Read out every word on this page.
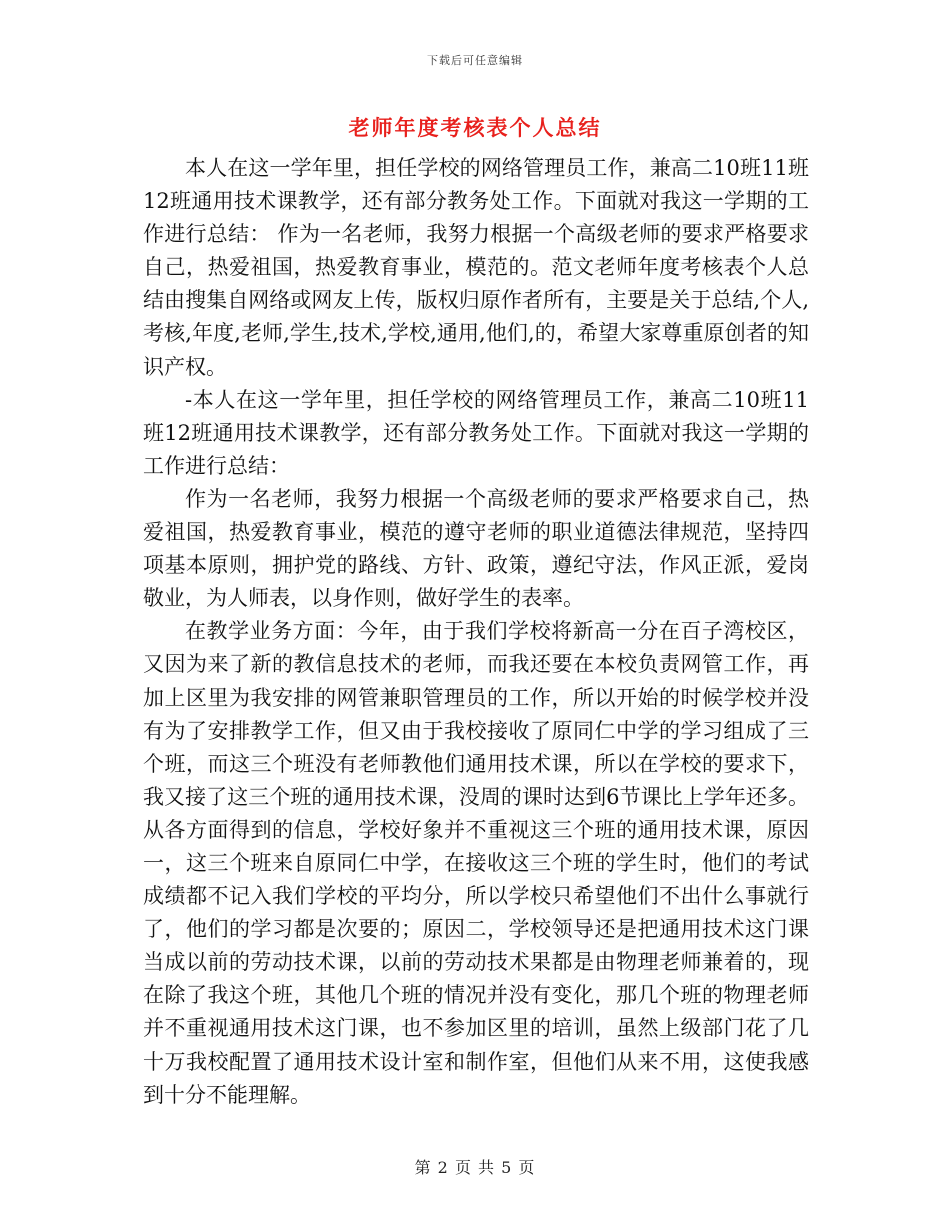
下载后可任意编辑
老师年度考核表个人总结

本人在这一学年里，担任学校的网络管理员工作，兼高二10班11班12班通用技术课教学，还有部分教务处工作。下面就对我这一学期的工作进行总结： 作为一名老师，我努力根据一个高级老师的要求严格要求自己，热爱祖国，热爱教育事业，模范的。范文老师年度考核表个人总结由搜集自网络或网友上传，版权归原作者所有，主要是关于总结,个人,考核,年度,老师,学生,技术,学校,通用,他们,的，希望大家尊重原创者的知识产权。

-本人在这一学年里，担任学校的网络管理员工作，兼高二10班11班12班通用技术课教学，还有部分教务处工作。下面就对我这一学期的工作进行总结：

作为一名老师，我努力根据一个高级老师的要求严格要求自己，热爱祖国，热爱教育事业，模范的遵守老师的职业道德法律规范，坚持四项基本原则，拥护党的路线、方针、政策，遵纪守法，作风正派，爱岗敬业，为人师表，以身作则，做好学生的表率。

在教学业务方面：今年，由于我们学校将新高一分在百子湾校区，又因为来了新的教信息技术的老师，而我还要在本校负责网管工作，再加上区里为我安排的网管兼职管理员的工作，所以开始的时候学校并没有为了安排教学工作，但又由于我校接收了原同仁中学的学习组成了三个班，而这三个班没有老师教他们通用技术课，所以在学校的要求下，我又接了这三个班的通用技术课，没周的课时达到6节课比上学年还多。从各方面得到的信息，学校好象并不重视这三个班的通用技术课，原因一，这三个班来自原同仁中学，在接收这三个班的学生时，他们的考试成绩都不记入我们学校的平均分，所以学校只希望他们不出什么事就行了，他们的学习都是次要的；原因二，学校领导还是把通用技术这门课当成以前的劳动技术课，以前的劳动技术果都是由物理老师兼着的，现在除了我这个班，其他几个班的情况并没有变化，那几个班的物理老师并不重视通用技术这门课，也不参加区里的培训，虽然上级部门花了几十万我校配置了通用技术设计室和制作室，但他们从来不用，这使我感到十分不能理解。

第 2 页 共 5 页
